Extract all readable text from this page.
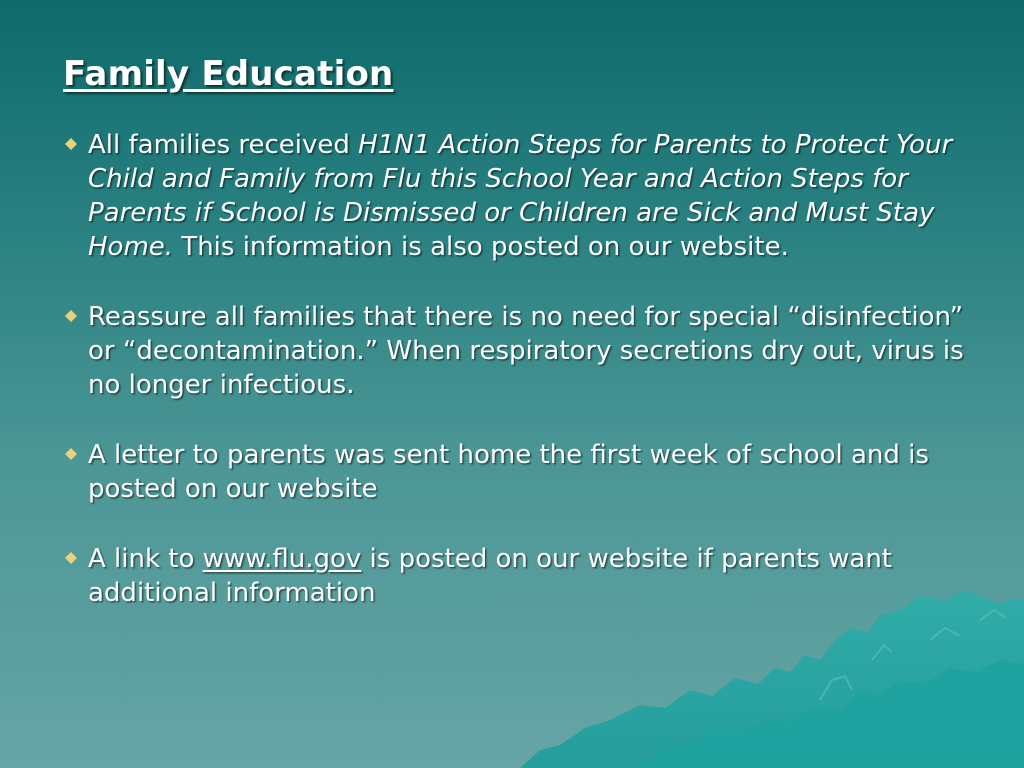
Family Education
All families received H1N1 Action Steps for Parents to Protect Your Child and Family from Flu this School Year and Action Steps for Parents if School is Dismissed or Children are Sick and Must Stay Home. This information is also posted on our website.
Reassure all families that there is no need for special “disinfection” or “decontamination.” When respiratory secretions dry out, virus is no longer infectious.
A letter to parents was sent home the first week of school and is posted on our website
A link to www.flu.gov is posted on our website if parents want additional information
